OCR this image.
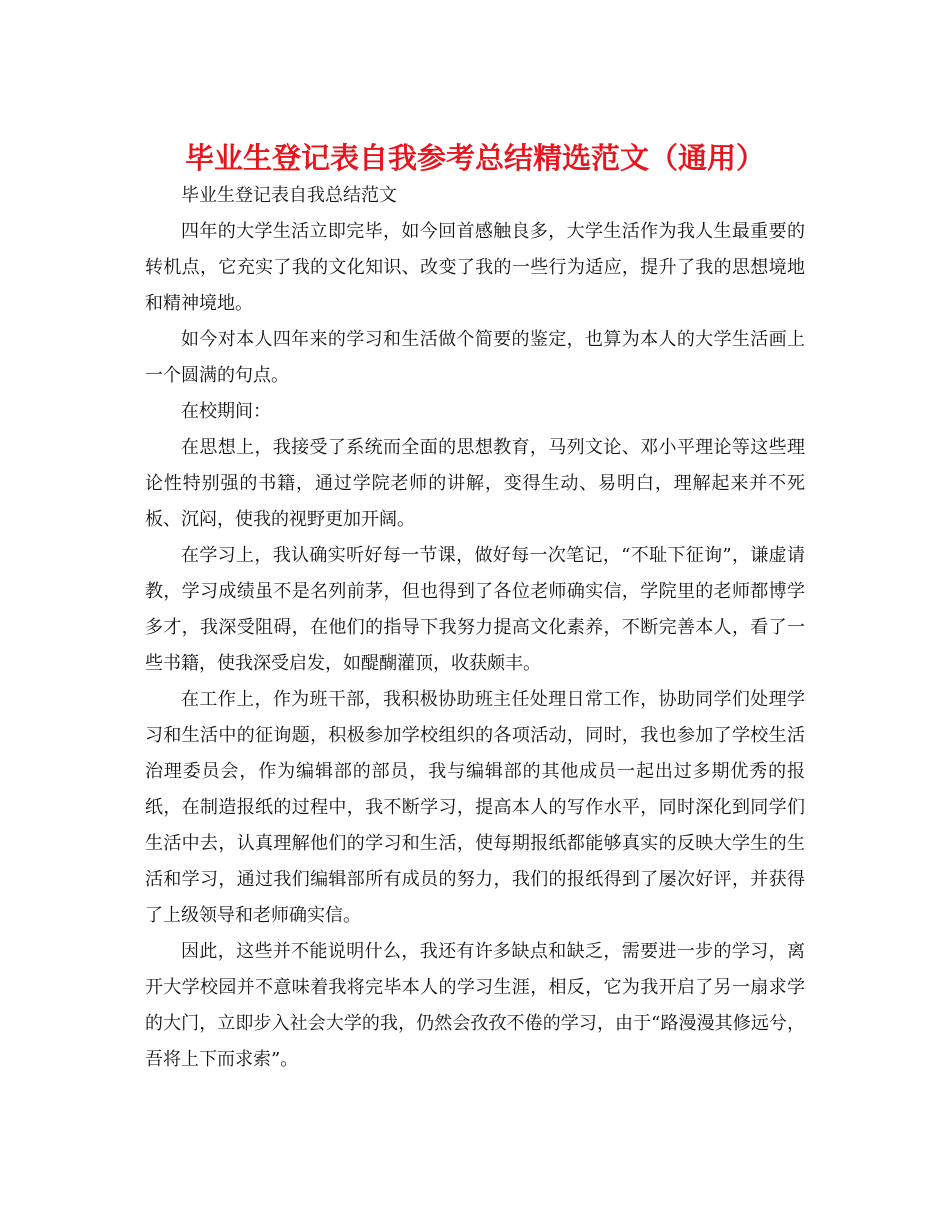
毕业生登记表自我参考总结精选范文（通用）

毕业生登记表自我总结范文

四年的大学生活立即完毕，如今回首感触良多，大学生活作为我人生最重要的转机点，它充实了我的文化知识、改变了我的一些行为适应，提升了我的思想境地和精神境地。

如今对本人四年来的学习和生活做个简要的鉴定，也算为本人的大学生活画上一个圆满的句点。

在校期间：

在思想上，我接受了系统而全面的思想教育，马列文论、邓小平理论等这些理论性特别强的书籍，通过学院老师的讲解，变得生动、易明白，理解起来并不死板、沉闷，使我的视野更加开阔。

在学习上，我认确实听好每一节课，做好每一次笔记，“不耻下征询”，谦虚请教，学习成绩虽不是名列前茅，但也得到了各位老师确实信，学院里的老师都博学多才，我深受阻碍，在他们的指导下我努力提高文化素养，不断完善本人，看了一些书籍，使我深受启发，如醍醐灌顶，收获颇丰。

在工作上，作为班干部，我积极协助班主任处理日常工作，协助同学们处理学习和生活中的征询题，积极参加学校组织的各项活动，同时，我也参加了学校生活治理委员会，作为编辑部的部员，我与编辑部的其他成员一起出过多期优秀的报纸，在制造报纸的过程中，我不断学习，提高本人的写作水平，同时深化到同学们生活中去，认真理解他们的学习和生活，使每期报纸都能够真实的反映大学生的生活和学习，通过我们编辑部所有成员的努力，我们的报纸得到了屡次好评，并获得了上级领导和老师确实信。

因此，这些并不能说明什么，我还有许多缺点和缺乏，需要进一步的学习，离开大学校园并不意味着我将完毕本人的学习生涯，相反，它为我开启了另一扇求学的大门，立即步入社会大学的我，仍然会孜孜不倦的学习，由于“路漫漫其修远兮，吾将上下而求索”。
